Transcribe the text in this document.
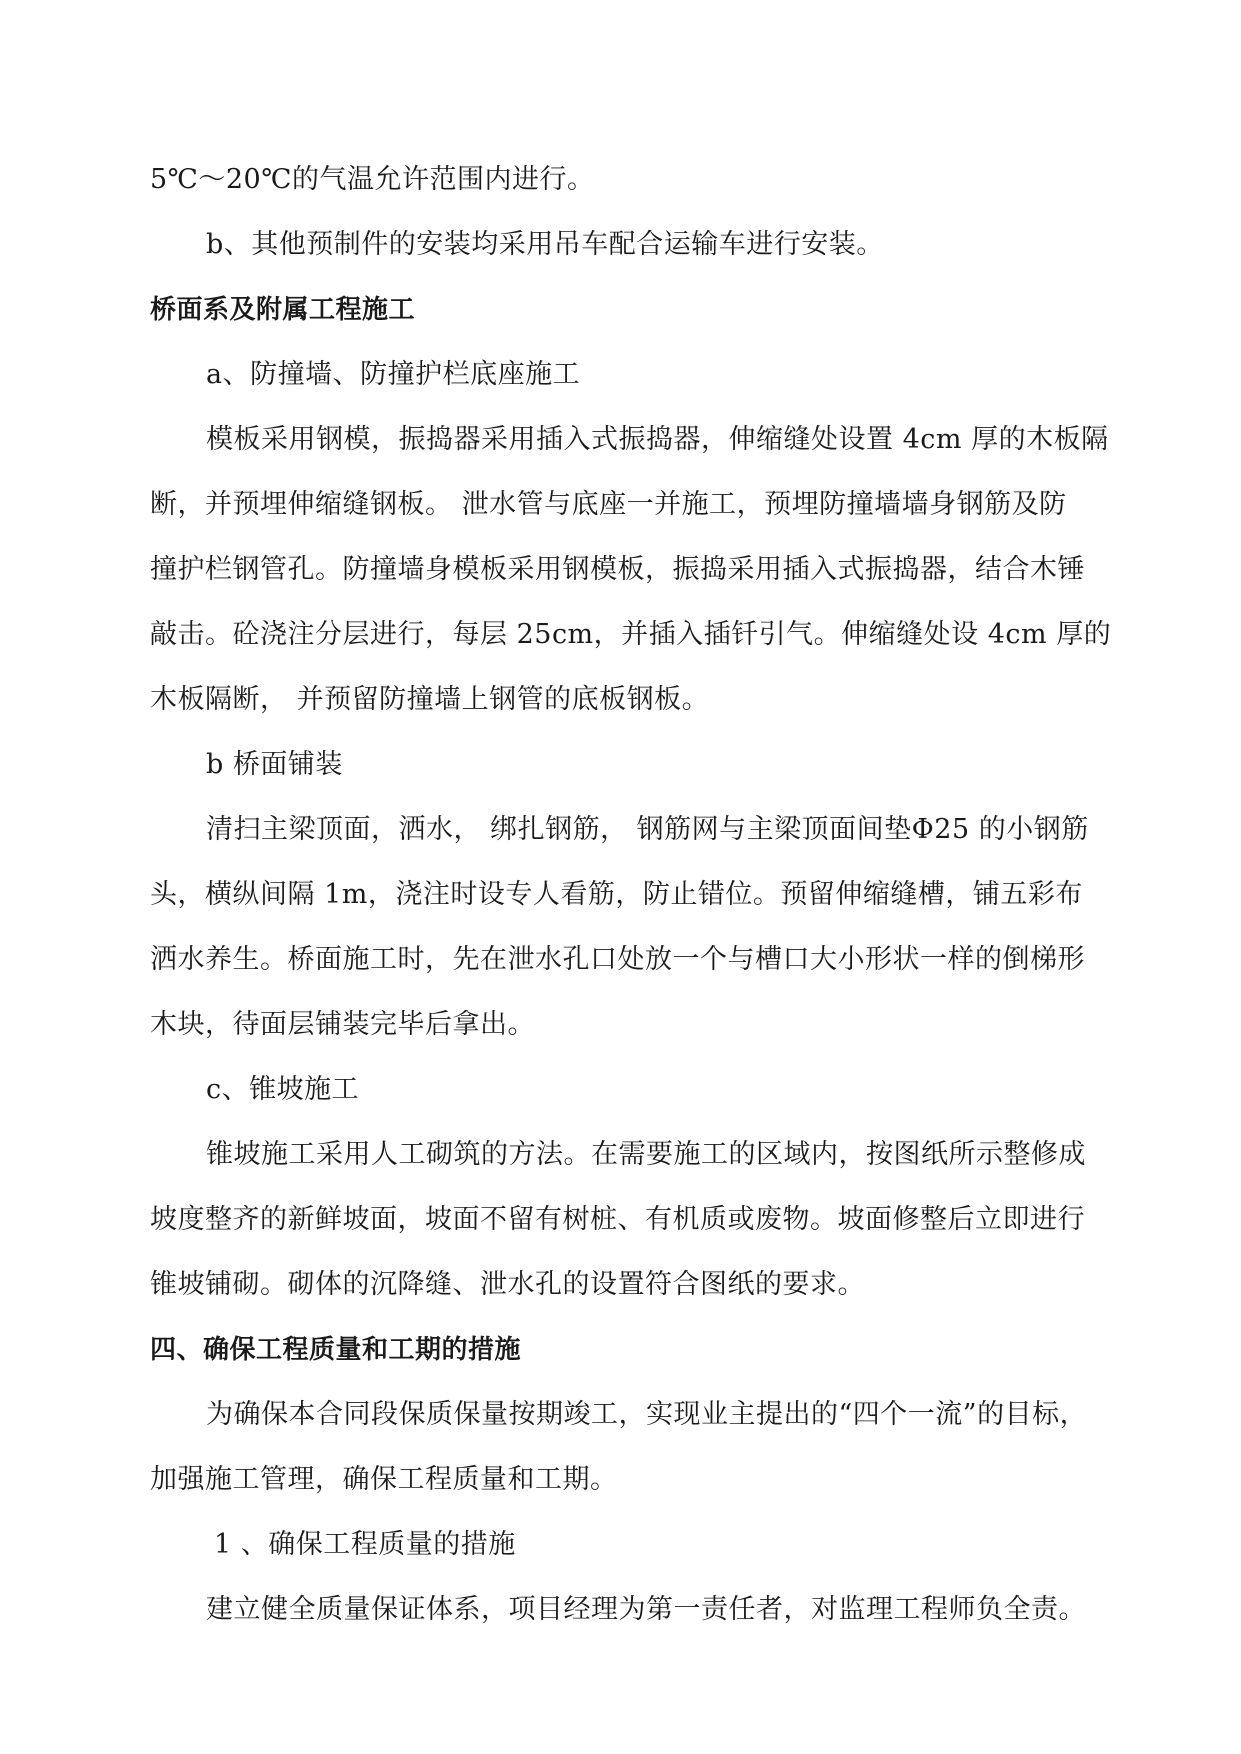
5℃～20℃的气温允许范围内进行。
b、其他预制件的安装均采用吊车配合运输车进行安装。
桥面系及附属工程施工
a、防撞墙、防撞护栏底座施工
模板采用钢模，振捣器采用插入式振捣器，伸缩缝处设置 4cm 厚的木板隔
断，并预埋伸缩缝钢板。 泄水管与底座一并施工，预埋防撞墙墙身钢筋及防
撞护栏钢管孔。防撞墙身模板采用钢模板，振捣采用插入式振捣器，结合木锤
敲击。砼浇注分层进行，每层 25cm，并插入插钎引气。伸缩缝处设 4cm 厚的
木板隔断， 并预留防撞墙上钢管的底板钢板。
b 桥面铺装
清扫主梁顶面，洒水， 绑扎钢筋， 钢筋网与主梁顶面间垫Φ25 的小钢筋
头，横纵间隔 1m，浇注时设专人看筋，防止错位。预留伸缩缝槽，铺五彩布
洒水养生。桥面施工时，先在泄水孔口处放一个与槽口大小形状一样的倒梯形
木块，待面层铺装完毕后拿出。
c、锥坡施工
锥坡施工采用人工砌筑的方法。在需要施工的区域内，按图纸所示整修成
坡度整齐的新鲜坡面，坡面不留有树桩、有机质或废物。坡面修整后立即进行
锥坡铺砌。砌体的沉降缝、泄水孔的设置符合图纸的要求。
四、确保工程质量和工期的措施
为确保本合同段保质保量按期竣工，实现业主提出的“四个一流”的目标，
加强施工管理，确保工程质量和工期。
1 、确保工程质量的措施
建立健全质量保证体系，项目经理为第一责任者，对监理工程师负全责。
